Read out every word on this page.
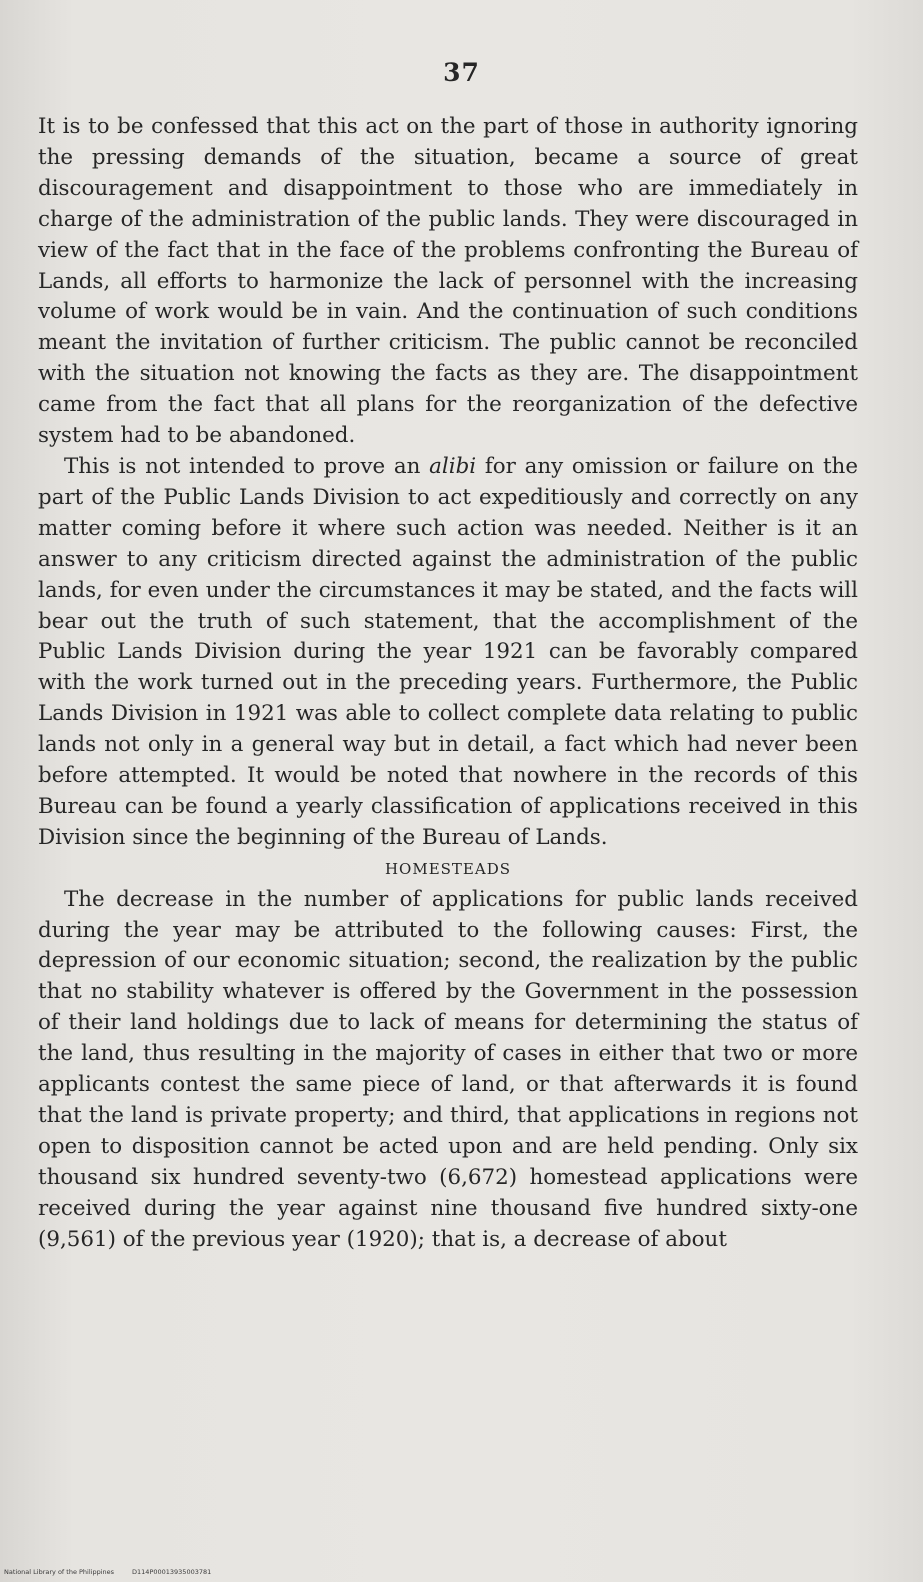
37

It is to be confessed that this act on the part of those in authority ignoring the pressing demands of the situation, became a source of great discouragement and disappointment to those who are immediately in charge of the administration of the public lands. They were discouraged in view of the fact that in the face of the problems confronting the Bureau of Lands, all efforts to harmonize the lack of personnel with the increasing volume of work would be in vain. And the continuation of such conditions meant the invitation of further criticism. The public cannot be reconciled with the situation not knowing the facts as they are. The disappointment came from the fact that all plans for the reorganization of the defective system had to be abandoned.

This is not intended to prove an alibi for any omission or failure on the part of the Public Lands Division to act expeditiously and correctly on any matter coming before it where such action was needed. Neither is it an answer to any criticism directed against the administration of the public lands, for even under the circumstances it may be stated, and the facts will bear out the truth of such statement, that the accomplishment of the Public Lands Division during the year 1921 can be favorably compared with the work turned out in the preceding years. Furthermore, the Public Lands Division in 1921 was able to collect complete data relating to public lands not only in a general way but in detail, a fact which had never been before attempted. It would be noted that nowhere in the records of this Bureau can be found a yearly classification of applications received in this Division since the beginning of the Bureau of Lands.

HOMESTEADS

The decrease in the number of applications for public lands received during the year may be attributed to the following causes: First, the depression of our economic situation; second, the realization by the public that no stability whatever is offered by the Government in the possession of their land holdings due to lack of means for determining the status of the land, thus resulting in the majority of cases in either that two or more applicants contest the same piece of land, or that afterwards it is found that the land is private property; and third, that applications in regions not open to disposition cannot be acted upon and are held pending. Only six thousand six hundred seventy-two (6,672) homestead applications were received during the year against nine thousand five hundred sixty-one (9,561) of the previous year (1920); that is, a decrease of about

National Library of the Philippines	D114P00013935003781
